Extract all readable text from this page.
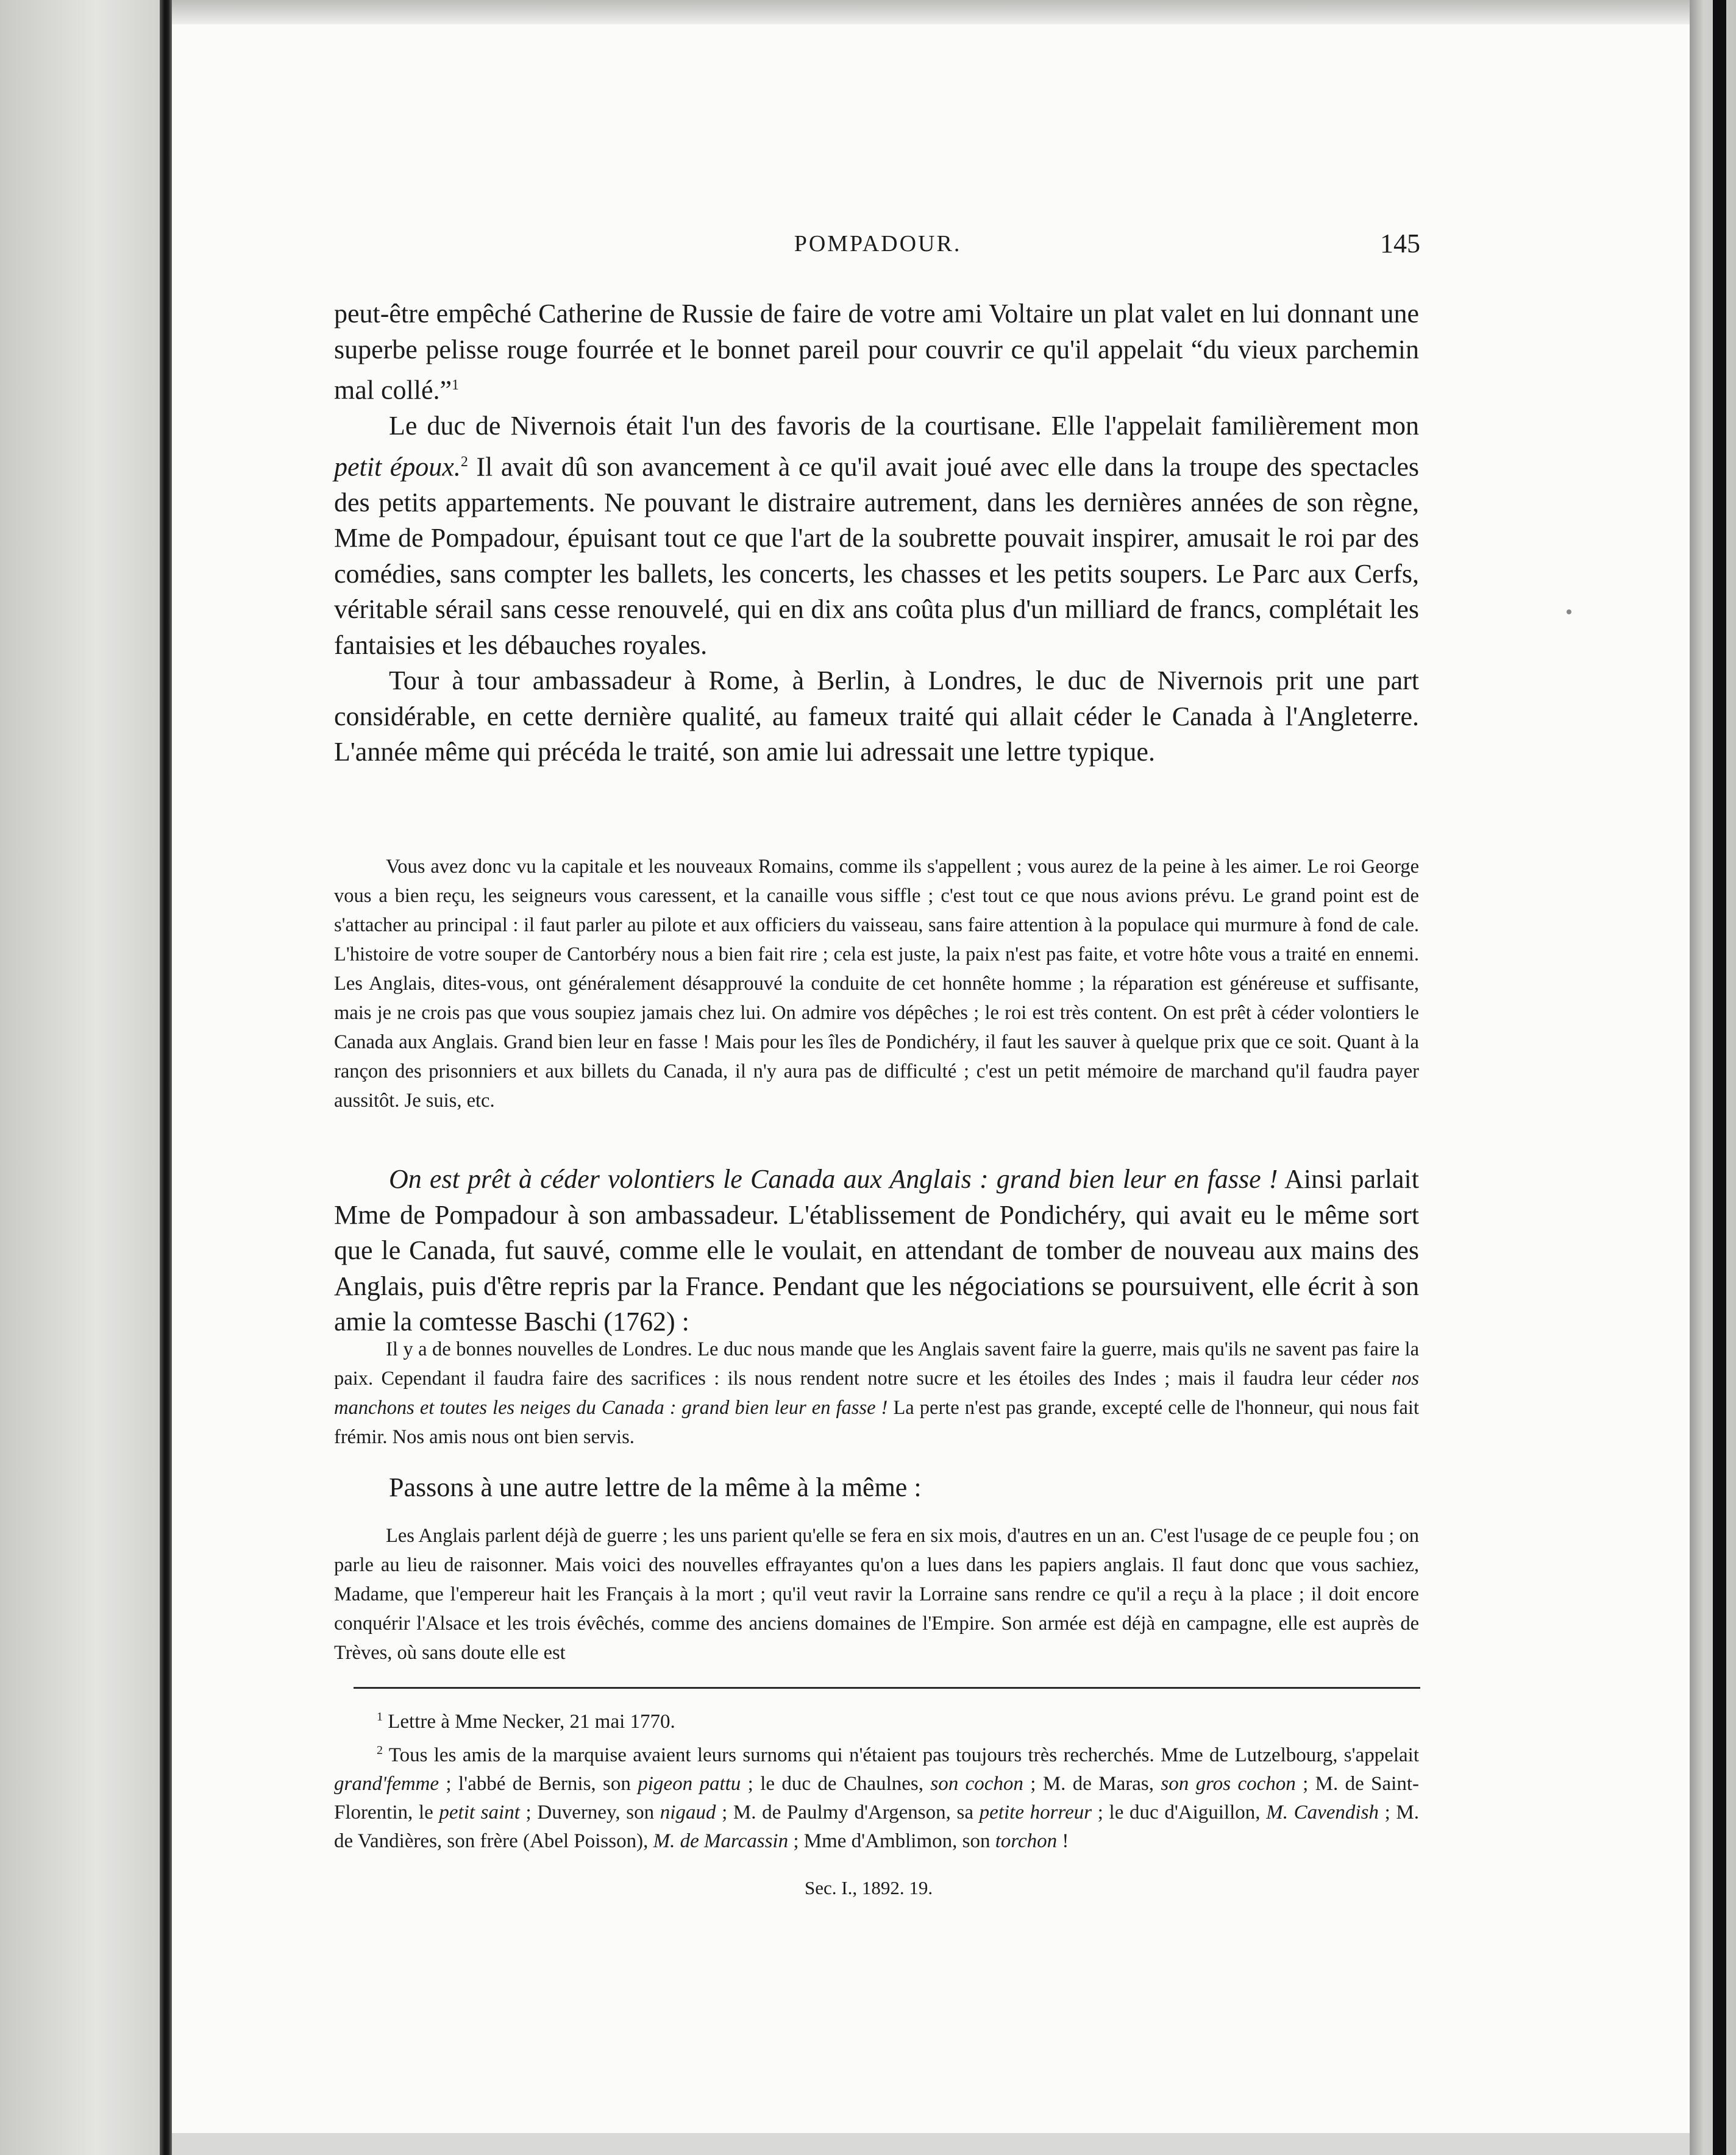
POMPADOUR.	145

peut-être empêché Catherine de Russie de faire de votre ami Voltaire un plat valet en lui donnant une superbe pelisse rouge fourrée et le bonnet pareil pour couvrir ce qu'il appelait “du vieux parchemin mal collé.”$^1$

Le duc de Nivernois était l'un des favoris de la courtisane. Elle l'appelait familièrement mon petit époux.$^2$ Il avait dû son avancement à ce qu'il avait joué avec elle dans la troupe des spectacles des petits appartements. Ne pouvant le distraire autrement, dans les dernières années de son règne, Mme de Pompadour, épuisant tout ce que l'art de la soubrette pouvait inspirer, amusait le roi par des comédies, sans compter les ballets, les concerts, les chasses et les petits soupers. Le Parc aux Cerfs, véritable sérail sans cesse renouvelé, qui en dix ans coûta plus d'un milliard de francs, complétait les fantaisies et les débauches royales.

Tour à tour ambassadeur à Rome, à Berlin, à Londres, le duc de Nivernois prit une part considérable, en cette dernière qualité, au fameux traité qui allait céder le Canada à l'Angleterre. L'année même qui précéda le traité, son amie lui adressait une lettre typique.

Vous avez donc vu la capitale et les nouveaux Romains, comme ils s'appellent ; vous aurez de la peine à les aimer. Le roi George vous a bien reçu, les seigneurs vous caressent, et la canaille vous siffle ; c'est tout ce que nous avions prévu. Le grand point est de s'attacher au principal : il faut parler au pilote et aux officiers du vaisseau, sans faire attention à la populace qui murmure à fond de cale. L'histoire de votre souper de Cantorbéry nous a bien fait rire ; cela est juste, la paix n'est pas faite, et votre hôte vous a traité en ennemi. Les Anglais, dites-vous, ont généralement désapprouvé la conduite de cet honnête homme ; la réparation est généreuse et suffisante, mais je ne crois pas que vous soupiez jamais chez lui. On admire vos dépêches ; le roi est très content. On est prêt à céder volontiers le Canada aux Anglais. Grand bien leur en fasse ! Mais pour les îles de Pondichéry, il faut les sauver à quelque prix que ce soit. Quant à la rançon des prisonniers et aux billets du Canada, il n'y aura pas de difficulté ; c'est un petit mémoire de marchand qu'il faudra payer aussitôt. Je suis, etc.

On est prêt à céder volontiers le Canada aux Anglais : grand bien leur en fasse ! Ainsi parlait Mme de Pompadour à son ambassadeur. L'établissement de Pondichéry, qui avait eu le même sort que le Canada, fut sauvé, comme elle le voulait, en attendant de tomber de nouveau aux mains des Anglais, puis d'être repris par la France. Pendant que les négociations se poursuivent, elle écrit à son amie la comtesse Baschi (1762) :

Il y a de bonnes nouvelles de Londres. Le duc nous mande que les Anglais savent faire la guerre, mais qu'ils ne savent pas faire la paix. Cependant il faudra faire des sacrifices : ils nous rendent notre sucre et les étoiles des Indes ; mais il faudra leur céder nos manchons et toutes les neiges du Canada : grand bien leur en fasse ! La perte n'est pas grande, excepté celle de l'honneur, qui nous fait frémir. Nos amis nous ont bien servis.

Passons à une autre lettre de la même à la même :

Les Anglais parlent déjà de guerre ; les uns parient qu'elle se fera en six mois, d'autres en un an. C'est l'usage de ce peuple fou ; on parle au lieu de raisonner. Mais voici des nouvelles effrayantes qu'on a lues dans les papiers anglais. Il faut donc que vous sachiez, Madame, que l'empereur hait les Français à la mort ; qu'il veut ravir la Lorraine sans rendre ce qu'il a reçu à la place ; il doit encore conquérir l'Alsace et les trois évêchés, comme des anciens domaines de l'Empire. Son armée est déjà en campagne, elle est auprès de Trèves, où sans doute elle est

$^1$ Lettre à Mme Necker, 21 mai 1770.

$^2$ Tous les amis de la marquise avaient leurs surnoms qui n'étaient pas toujours très recherchés. Mme de Lutzelbourg, s'appelait grand'femme ; l'abbé de Bernis, son pigeon pattu ; le duc de Chaulnes, son cochon ; M. de Maras, son gros cochon ; M. de Saint-Florentin, le petit saint ; Duverney, son nigaud ; M. de Paulmy d'Argenson, sa petite horreur ; le duc d'Aiguillon, M. Cavendish ; M. de Vandières, son frère (Abel Poisson), M. de Marcassin ; Mme d'Amblimon, son torchon !

Sec. I., 1892. 19.
